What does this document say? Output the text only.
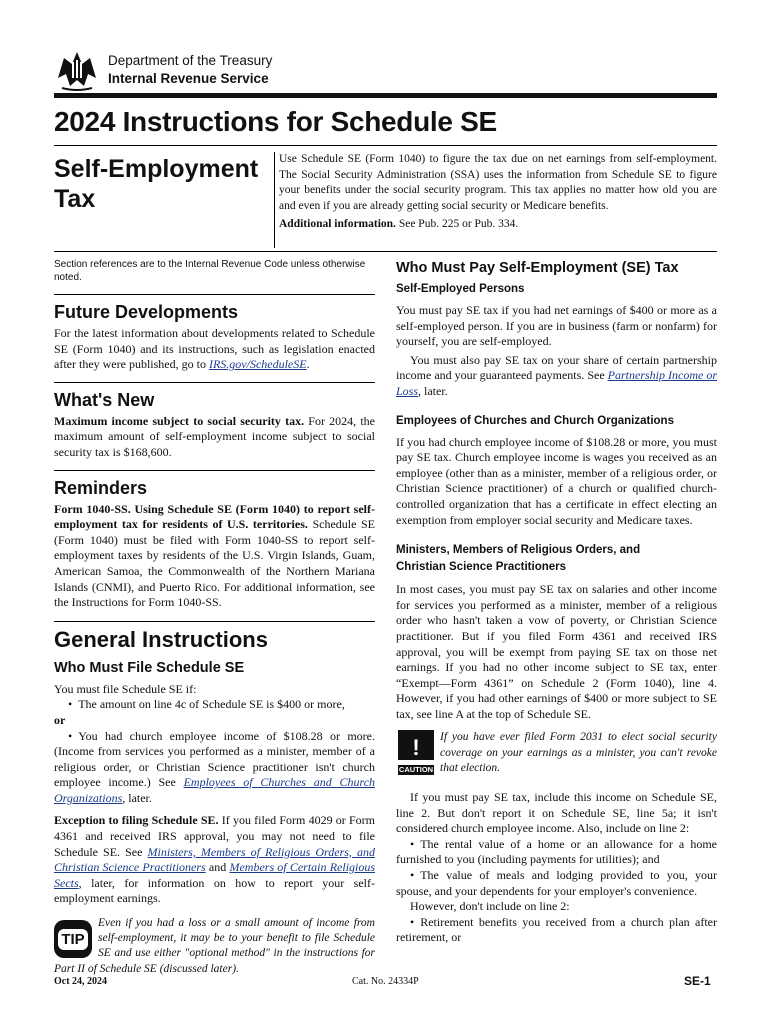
Department of the Treasury
Internal Revenue Service
2024 Instructions for Schedule SE
Self-Employment
Tax

Use Schedule SE (Form 1040) to figure the tax due on net earnings from self-employment. The Social Security Administration (SSA) uses the information from Schedule SE to figure your benefits under the social security program. This tax applies no matter how old you are and even if you are already getting social security or Medicare benefits.

Additional information. See Pub. 225 or Pub. 334.

Section references are to the Internal Revenue Code unless otherwise noted.
Future Developments
For the latest information about developments related to Schedule SE (Form 1040) and its instructions, such as legislation enacted after they were published, go to IRS.gov/ScheduleSE.
What's New
Maximum income subject to social security tax. For 2024, the maximum amount of self-employment income subject to social security tax is $168,600.
Reminders
Form 1040-SS. Using Schedule SE (Form 1040) to report self-employment tax for residents of U.S. territories. Schedule SE (Form 1040) must be filed with Form 1040-SS to report self-employment taxes by residents of the U.S. Virgin Islands, Guam, American Samoa, the Commonwealth of the Northern Mariana Islands (CNMI), and Puerto Rico. For additional information, see the Instructions for Form 1040-SS.
General Instructions
Who Must File Schedule SE

You must file Schedule SE if:

• The amount on line 4c of Schedule SE is $400 or more,

or

• You had church employee income of $108.28 or more. (Income from services you performed as a minister, member of a religious order, or Christian Science practitioner isn't church employee income.) See Employees of Churches and Church Organizations, later.

Exception to filing Schedule SE. If you filed Form 4029 or Form 4361 and received IRS approval, you may not need to file Schedule SE. See Ministers, Members of Religious Orders, and Christian Science Practitioners and Members of Certain Religious Sects, later, for information on how to report your self-employment earnings.

TIP
Even if you had a loss or a small amount of income from self-employment, it may be to your benefit to file Schedule SE and use either "optional method" in the instructions for Part II of Schedule SE (discussed later).
Who Must Pay Self-Employment (SE) Tax
Self-Employed Persons

You must pay SE tax if you had net earnings of $400 or more as a self-employed person. If you are in business (farm or nonfarm) for yourself, you are self-employed.

You must also pay SE tax on your share of certain partnership income and your guaranteed payments. See Partnership Income or Loss, later.

Employees of Churches and Church Organizations
If you had church employee income of $108.28 or more, you must pay SE tax. Church employee income is wages you received as an employee (other than as a minister, member of a religious order, or Christian Science practitioner) of a church or qualified church-controlled organization that has a certificate in effect electing an exemption from employer social security and Medicare taxes.
Ministers, Members of Religious Orders, and
Christian Science Practitioners
In most cases, you must pay SE tax on salaries and other income for services you performed as a minister, member of a religious order who hasn't taken a vow of poverty, or Christian Science practitioner. But if you filed Form 4361 and received IRS approval, you will be exempt from paying SE tax on those net earnings. If you had no other income subject to SE tax, enter “Exempt—Form 4361” on Schedule 2 (Form 1040), line 4. However, if you had other earnings of $400 or more subject to SE tax, see line A at the top of Schedule SE.
!
CAUTION
If you have ever filed Form 2031 to elect social security coverage on your earnings as a minister, you can't revoke that election.

If you must pay SE tax, include this income on Schedule SE, line 2. But don't report it on Schedule SE, line 5a; it isn't considered church employee income. Also, include on line 2:

• The rental value of a home or an allowance for a home furnished to you (including payments for utilities); and

• The value of meals and lodging provided to you, your spouse, and your dependents for your employer's convenience.

However, don't include on line 2:

• Retirement benefits you received from a church plan after retirement, or

Oct 24, 2024	Cat. No. 24334P	SE-1
